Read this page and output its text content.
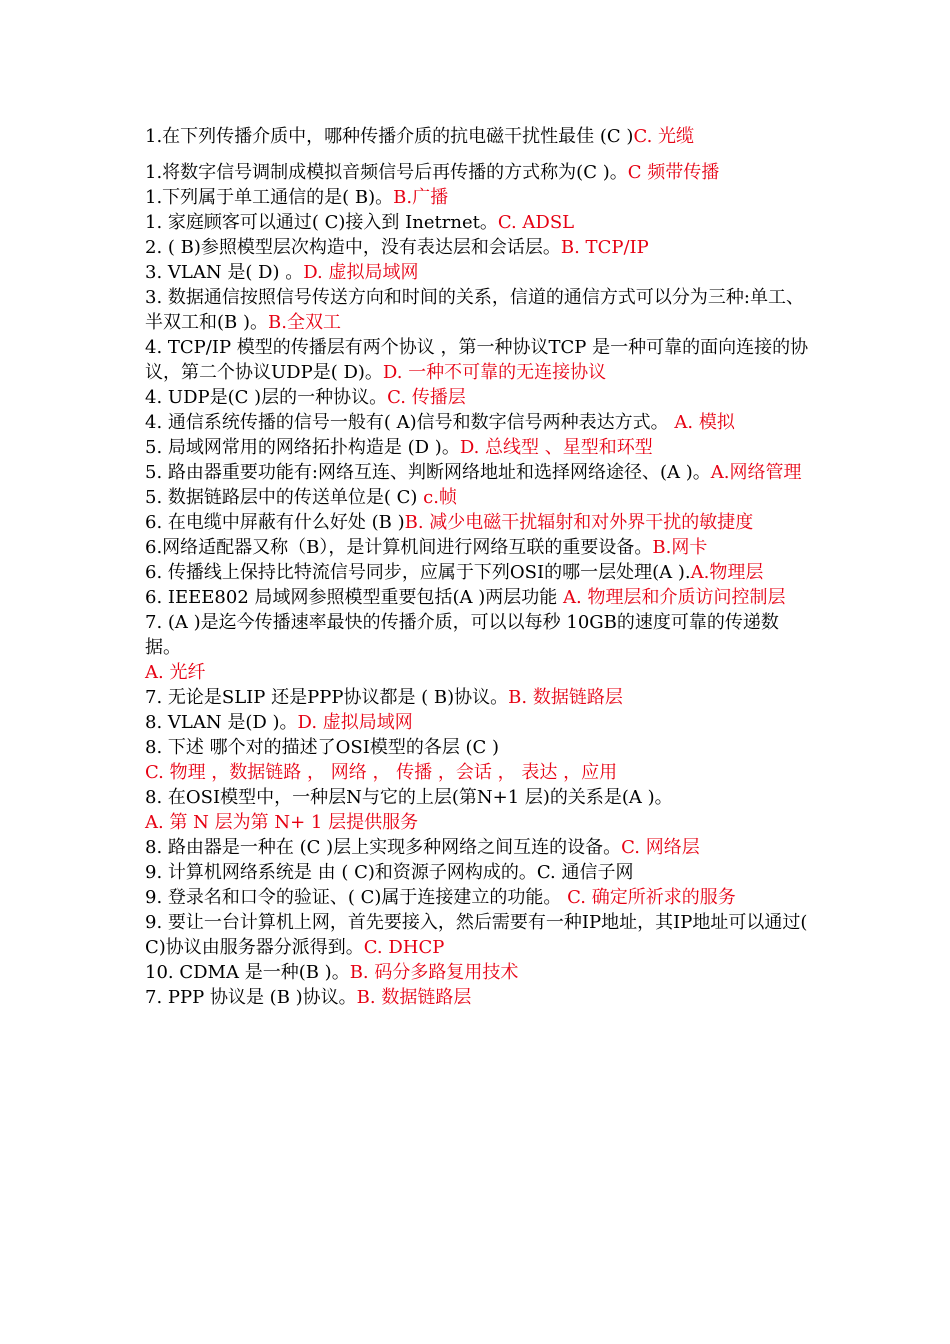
1.在下列传播介质中，哪种传播介质的抗电磁干扰性最佳 (C )C. 光缆

1.将数字信号调制成模拟音频信号后再传播的方式称为(C )。C 频带传播

1.下列属于单工通信的是( B)。B.广播

1. 家庭顾客可以通过( C)接入到 Inetrnet。C. ADSL

2. ( B)参照模型层次构造中，没有表达层和会话层。B. TCP/IP

3. VLAN 是( D) 。D. 虚拟局域网

3. 数据通信按照信号传送方向和时间的关系，信道的通信方式可以分为三种:单工、半双工和(B )。B.全双工

4. TCP/IP 模型的传播层有两个协议 ，第一种协议TCP 是一种可靠的面向连接的协议，第二个协议UDP是( D)。D. 一种不可靠的无连接协议

4. UDP是(C )层的一种协议。C. 传播层

4. 通信系统传播的信号一般有( A)信号和数字信号两种表达方式。 A. 模拟

5. 局域网常用的网络拓扑构造是 (D )。D. 总线型 、星型和环型

5. 路由器重要功能有:网络互连、判断网络地址和选择网络途径、(A )。A.网络管理

5. 数据链路层中的传送单位是( C) c.帧

6. 在电缆中屏蔽有什么好处 (B )B. 减少电磁干扰辐射和对外界干扰的敏捷度

6.网络适配器又称（B），是计算机间进行网络互联的重要设备。B.网卡

6. 传播线上保持比特流信号同步，应属于下列OSI的哪一层处理(A ).A.物理层

6. IEEE802 局域网参照模型重要包括(A )两层功能 A. 物理层和介质访问控制层

7. (A )是迄今传播速率最快的传播介质，可以以每秒 10GB的速度可靠的传递数据。
A. 光纤

7. 无论是SLIP 还是PPP协议都是 ( B)协议。B. 数据链路层

8. VLAN 是(D )。D. 虚拟局域网

8. 下述 哪个对的描述了OSI模型的各层 (C )
C. 物理 ，数据链路 ， 网络 ， 传播 ，会话 ， 表达 ，应用

8. 在OSI模型中，一种层N与它的上层(第N+1 层)的关系是(A )。
A. 第 N 层为第 N+ 1 层提供服务

8. 路由器是一种在 (C )层上实现多种网络之间互连的设备。C. 网络层

9. 计算机网络系统是 由 ( C)和资源子网构成的。C. 通信子网

9. 登录名和口令的验证、( C)属于连接建立的功能。 C. 确定所祈求的服务

9. 要让一台计算机上网，首先要接入，然后需要有一种IP地址，其IP地址可以通过( C)协议由服务器分派得到。C. DHCP

10. CDMA 是一种(B )。B. 码分多路复用技术

7. PPP 协议是 (B )协议。B. 数据链路层
